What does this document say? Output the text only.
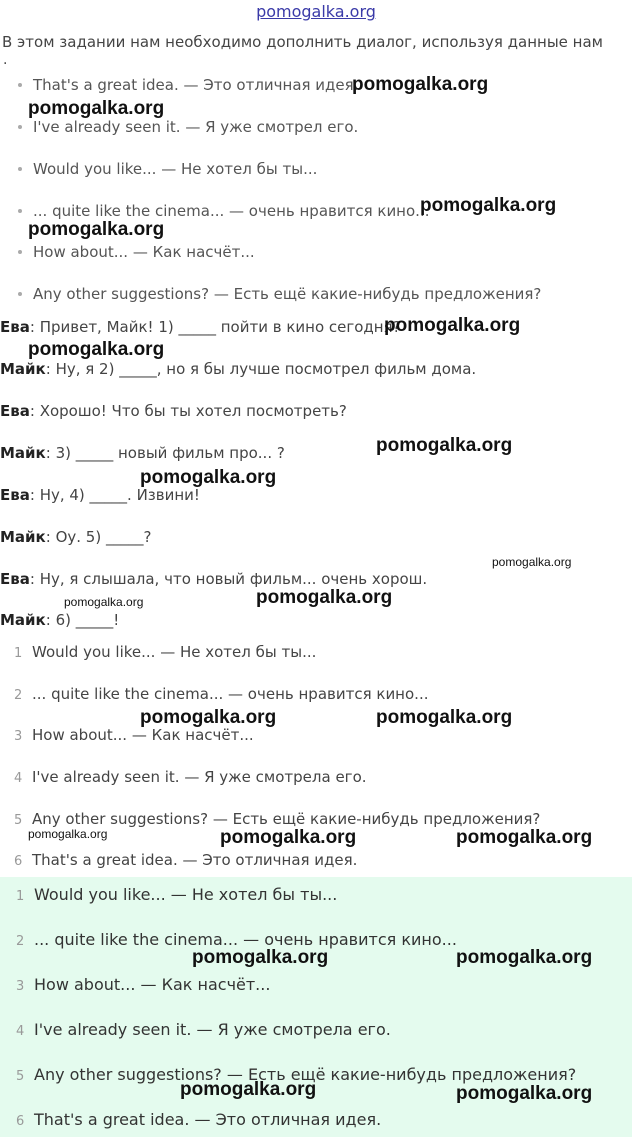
pomogalka.org
В этом задании нам необходимо дополнить диалог, используя данные нам
.
That's a great idea. — Это отличная идея.
I've already seen it. — Я уже смотрел его.
Would you like... — Не хотел бы ты...
... quite like the cinema... — очень нравится кино...
How about... — Как насчёт...
Any other suggestions? — Есть ещё какие-нибудь предложения?
Ева: Привет, Майк! 1) _____ пойти в кино сегодня?
Майк: Ну, я 2) _____, но я бы лучше посмотрел фильм дома.
Ева: Хорошо! Что бы ты хотел посмотреть?
Майк: 3) _____ новый фильм про... ?
Ева: Ну, 4) _____. Извини!
Майк: Оу. 5) _____?
Ева: Ну, я слышала, что новый фильм... очень хорош.
Майк: 6) _____!
1 Would you like... — Не хотел бы ты...
2 ... quite like the cinema... — очень нравится кино...
3 How about... — Как насчёт...
4 I've already seen it. — Я уже смотрела его.
5 Any other suggestions? — Есть ещё какие-нибудь предложения?
6 That's a great idea. — Это отличная идея.
1 Would you like... — Не хотел бы ты...
2 ... quite like the cinema... — очень нравится кино...
3 How about... — Как насчёт...
4 I've already seen it. — Я уже смотрела его.
5 Any other suggestions? — Есть ещё какие-нибудь предложения?
6 That's a great idea. — Это отличная идея.
pomogalka.org
pomogalka.org
pomogalka.org
pomogalka.org
pomogalka.org
pomogalka.org
pomogalka.org
pomogalka.org
pomogalka.org
pomogalka.org
pomogalka.org
pomogalka.org	pomogalka.org
pomogalka.org	pomogalka.org	pomogalka.org
pomogalka.org	pomogalka.org
pomogalka.org	pomogalka.org
